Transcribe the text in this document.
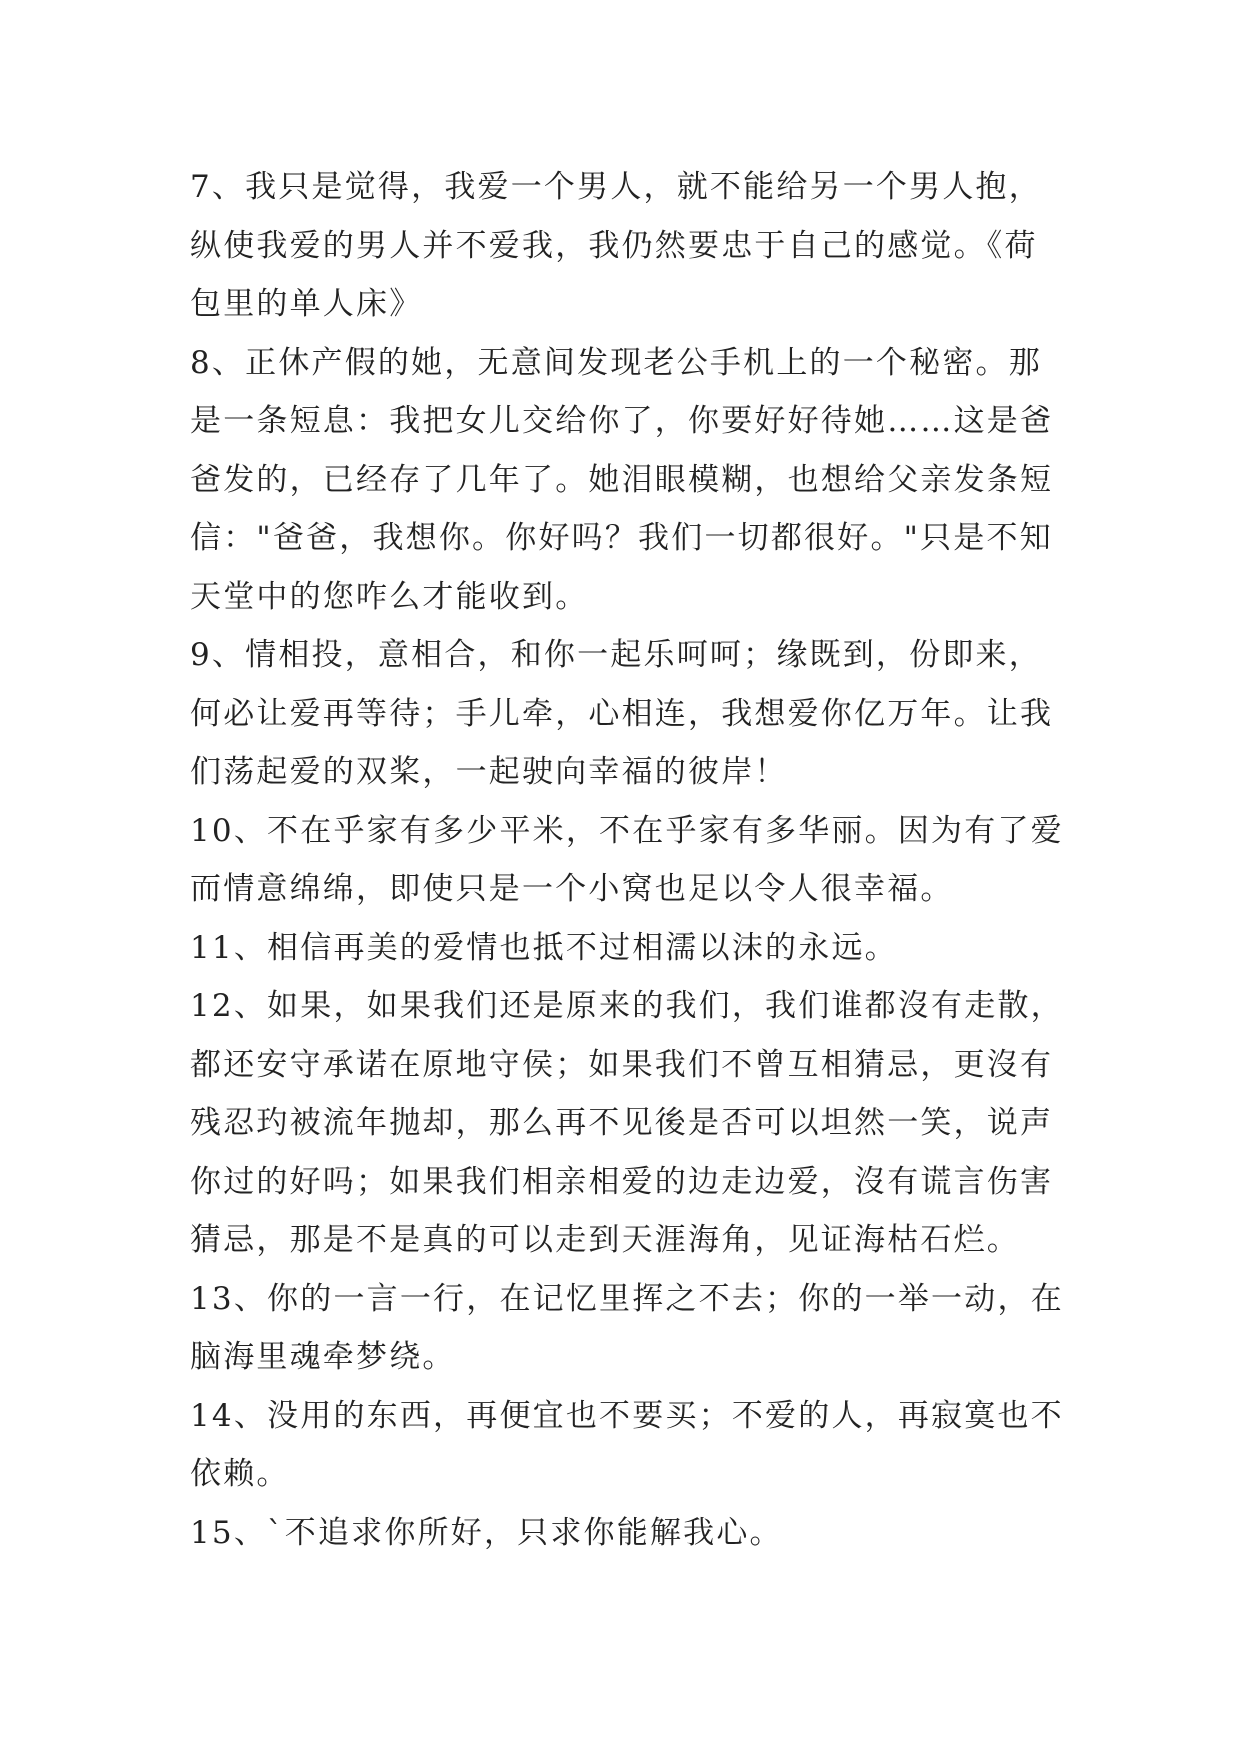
7、我只是觉得，我爱一个男人，就不能给另一个男人抱，
纵使我爱的男人并不爱我，我仍然要忠于自己的感觉。《荷
包里的单人床》
8、正休产假的她，无意间发现老公手机上的一个秘密。那
是一条短息：我把女儿交给你了，你要好好待她……这是爸
爸发的，已经存了几年了。她泪眼模糊，也想给父亲发条短
信："爸爸，我想你。你好吗？我们一切都很好。"只是不知
天堂中的您咋么才能收到。
9、情相投，意相合，和你一起乐呵呵；缘既到，份即来，
何必让爱再等待；手儿牵，心相连，我想爱你亿万年。让我
们荡起爱的双桨，一起驶向幸福的彼岸！
10、不在乎家有多少平米，不在乎家有多华丽。因为有了爱
而情意绵绵，即使只是一个小窝也足以令人很幸福。
11、相信再美的爱情也抵不过相濡以沫的永远。
12、如果，如果我们还是原来的我们，我们谁都沒有走散，
都还安守承诺在原地守侯；如果我们不曾互相猜忌，更沒有
残忍玓被流年抛却，那么再不见後是否可以坦然一笑，说声
你过的好吗；如果我们相亲相爱的边走边爱，沒有谎言伤害
猜忌，那是不是真的可以走到天涯海角，见证海枯石烂。
13、你的一言一行，在记忆里挥之不去；你的一举一动，在
脑海里魂牵梦绕。
14、没用的东西，再便宜也不要买；不爱的人，再寂寞也不
依赖。
15、`不追求你所好，只求你能解我心。
